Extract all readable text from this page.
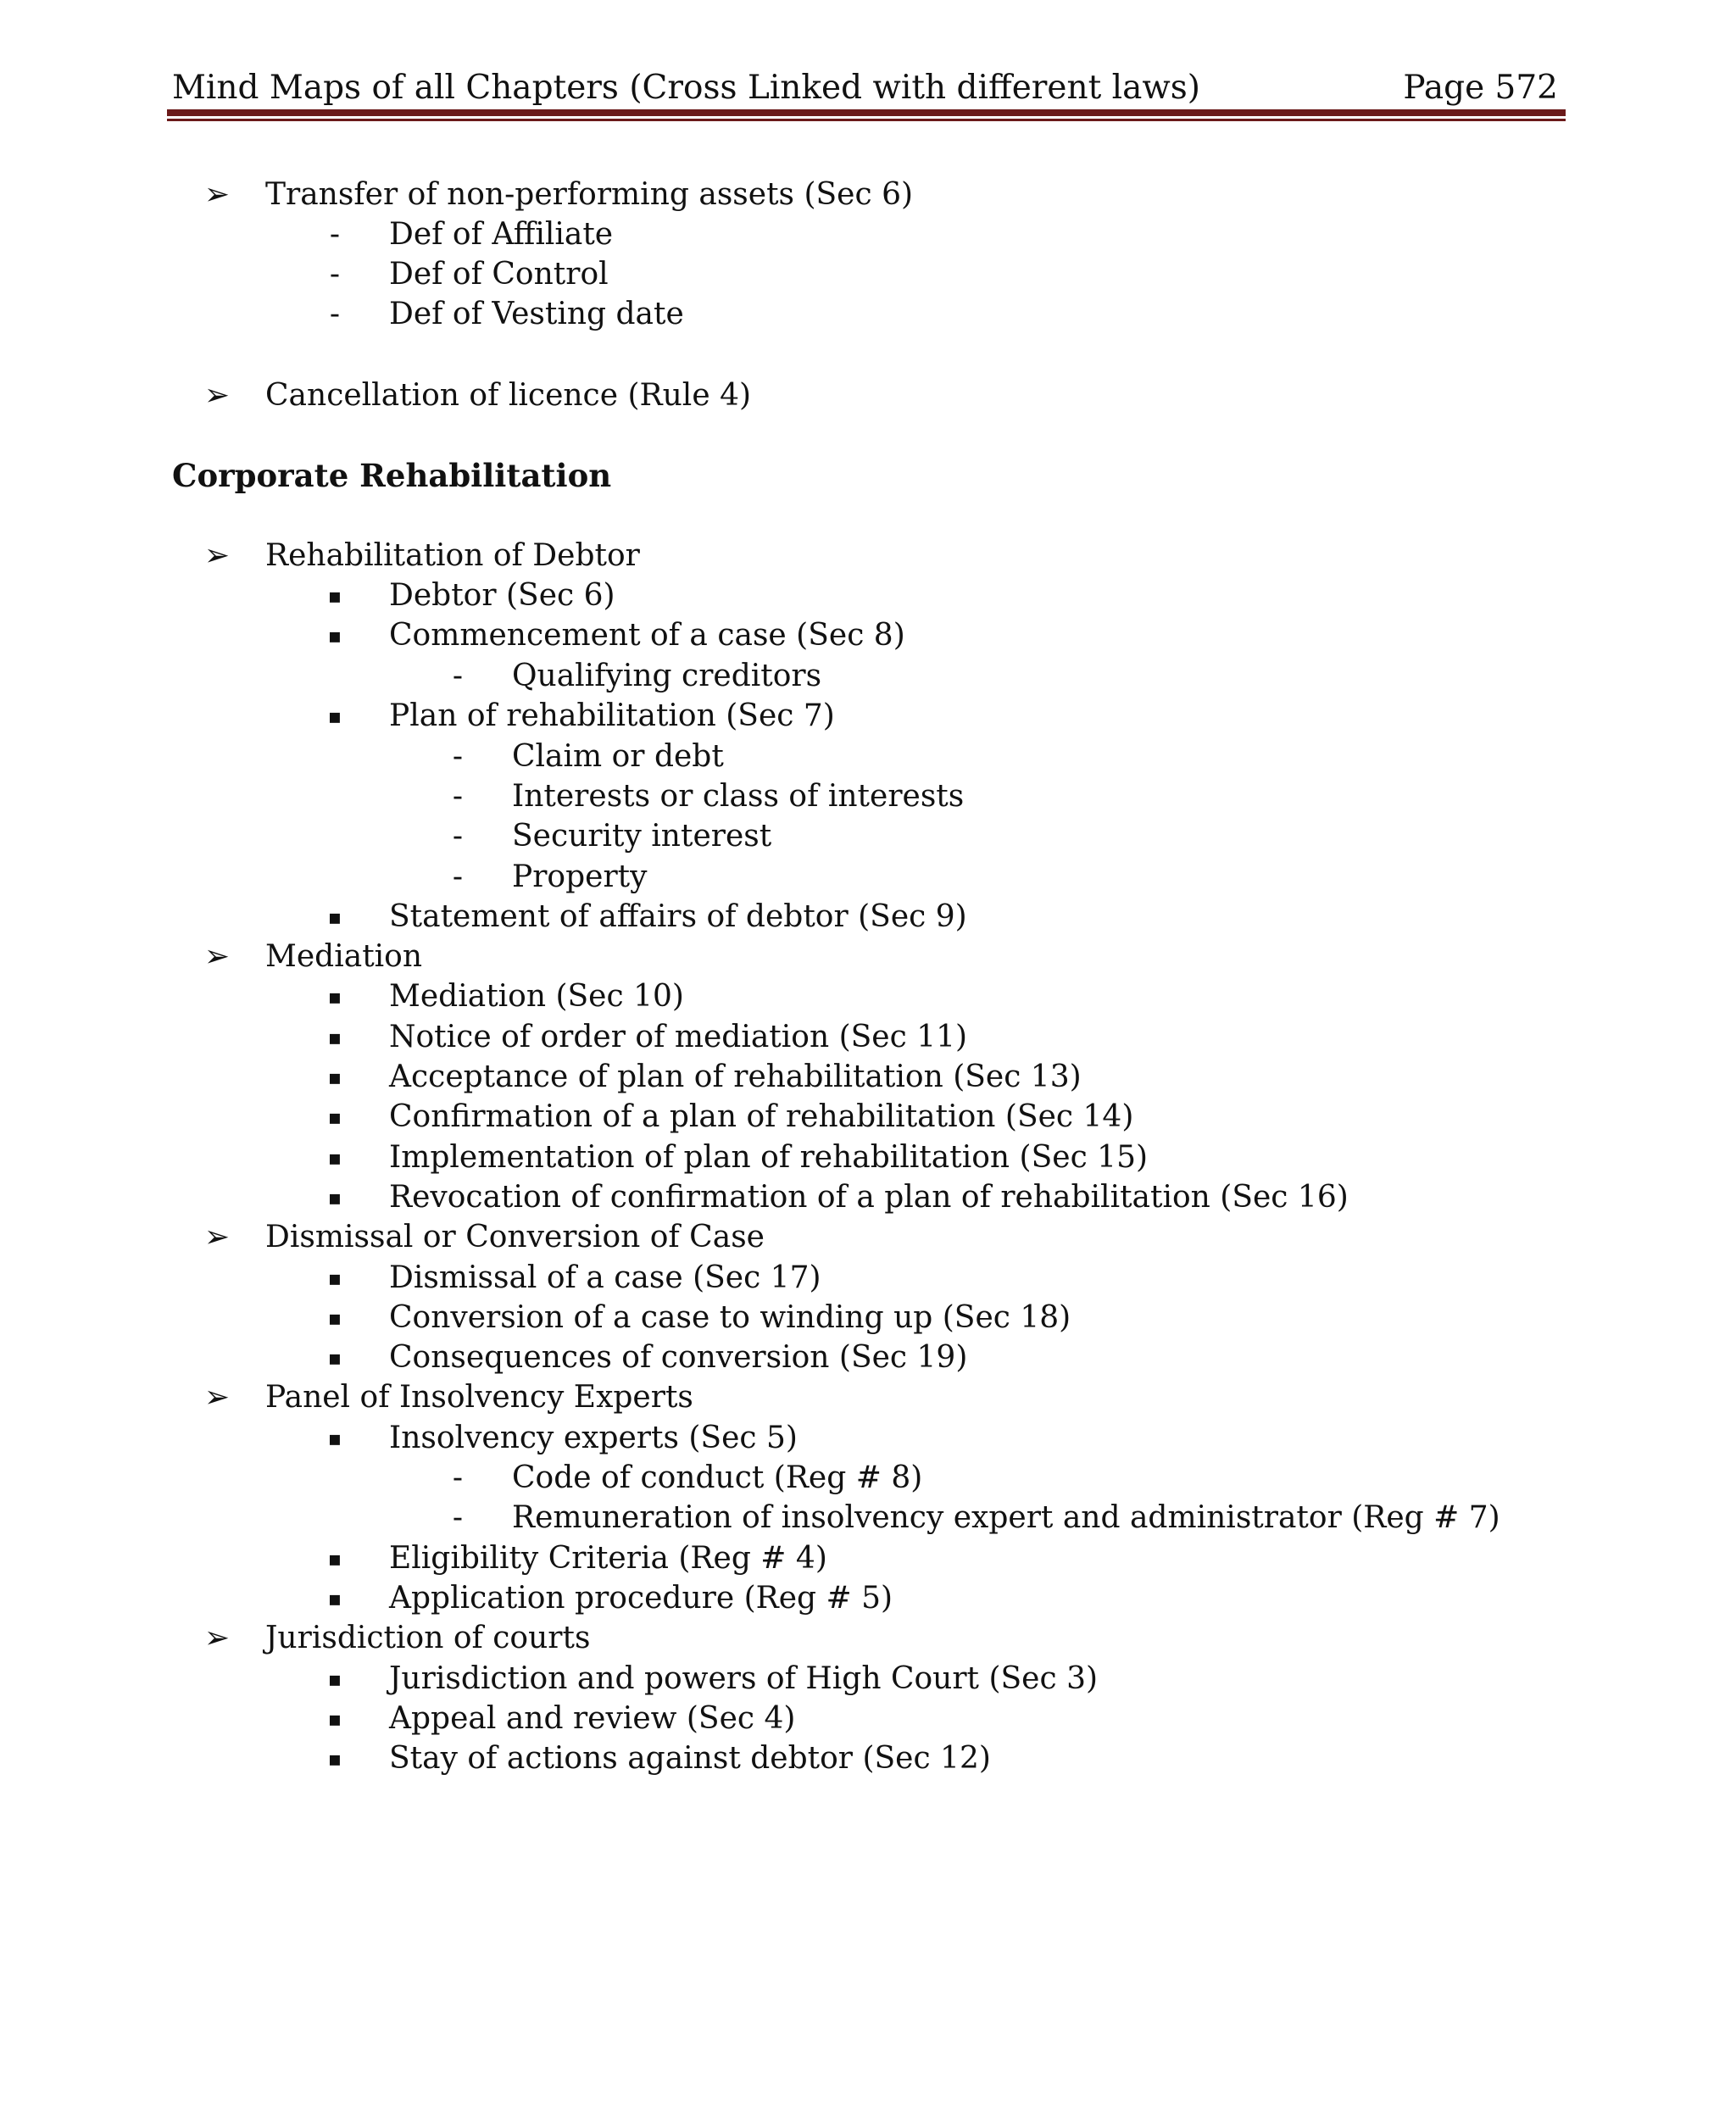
Mind Maps of all Chapters (Cross Linked with different laws)	Page 572
➢ Transfer of non-performing assets (Sec 6)
-	Def of Affiliate
-	Def of Control
-	Def of Vesting date
➢ Cancellation of licence (Rule 4)
Corporate Rehabilitation
➢ Rehabilitation of Debtor
▪	Debtor (Sec 6)
▪	Commencement of a case (Sec 8)
-	Qualifying creditors
▪	Plan of rehabilitation (Sec 7)
-	Claim or debt
-	Interests or class of interests
-	Security interest
-	Property
▪	Statement of affairs of debtor (Sec 9)
➢ Mediation
▪	Mediation (Sec 10)
▪	Notice of order of mediation (Sec 11)
▪	Acceptance of plan of rehabilitation (Sec 13)
▪	Confirmation of a plan of rehabilitation (Sec 14)
▪	Implementation of plan of rehabilitation (Sec 15)
▪	Revocation of confirmation of a plan of rehabilitation (Sec 16)
➢ Dismissal or Conversion of Case
▪	Dismissal of a case (Sec 17)
▪	Conversion of a case to winding up (Sec 18)
▪	Consequences of conversion (Sec 19)
➢ Panel of Insolvency Experts
▪	Insolvency experts (Sec 5)
-	Code of conduct (Reg # 8)
-	Remuneration of insolvency expert and administrator (Reg # 7)
▪	Eligibility Criteria (Reg # 4)
▪	Application procedure (Reg # 5)
➢ Jurisdiction of courts
▪	Jurisdiction and powers of High Court (Sec 3)
▪	Appeal and review (Sec 4)
▪	Stay of actions against debtor (Sec 12)
